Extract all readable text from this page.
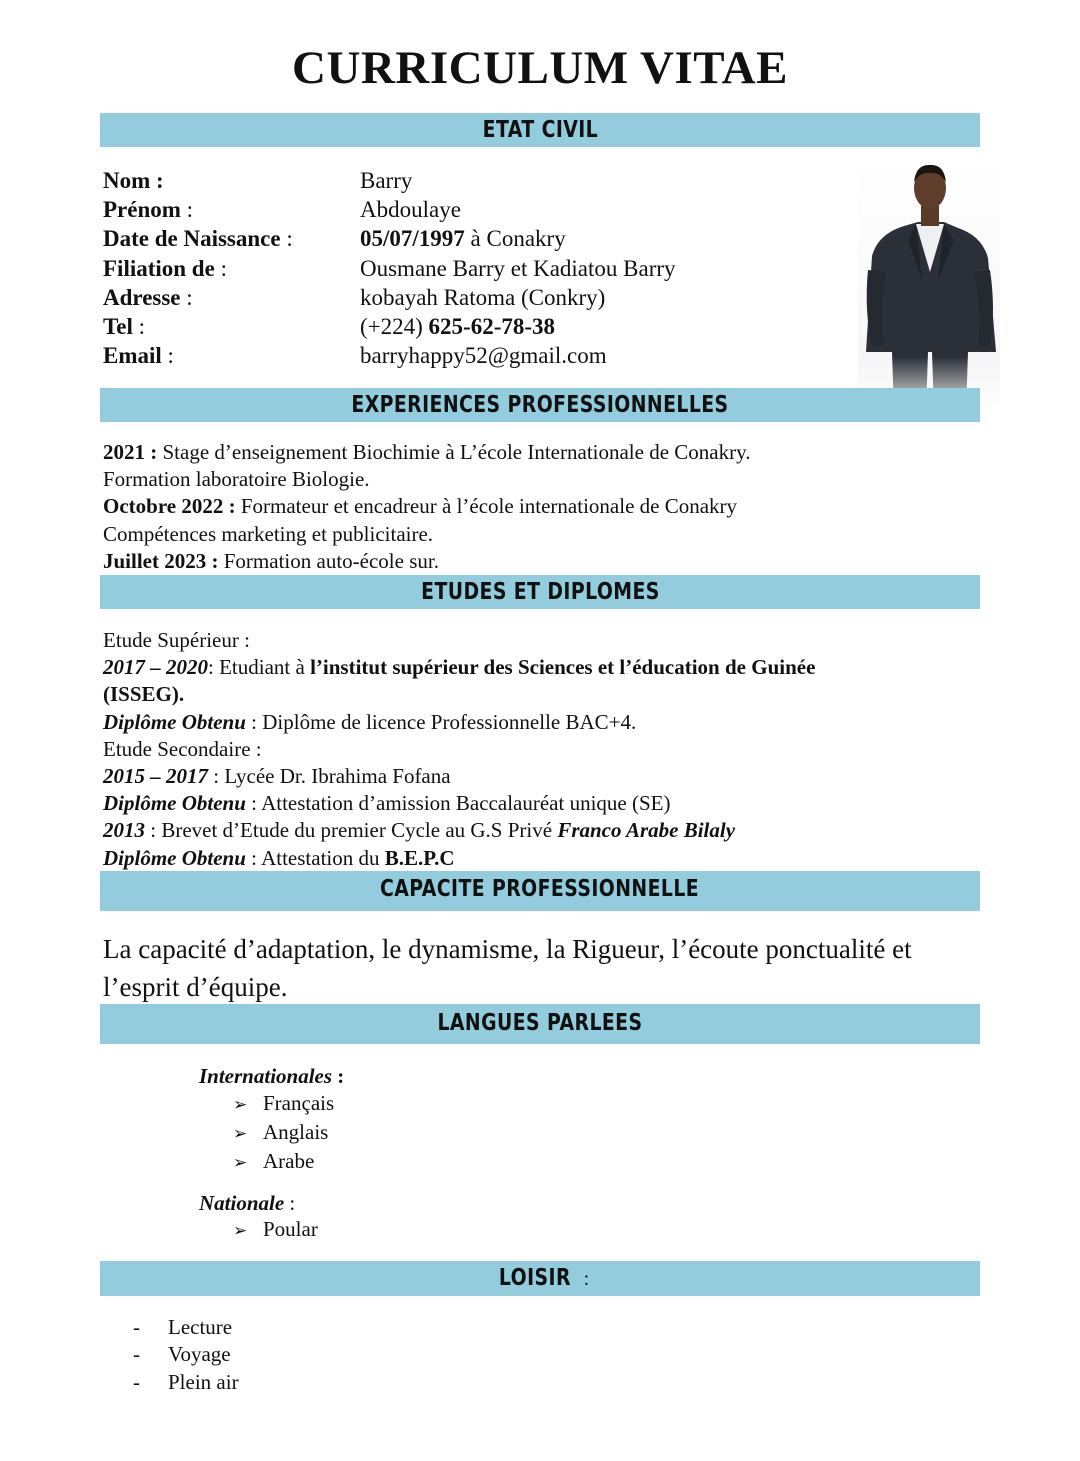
CURRICULUM VITAE
ETAT CIVIL
Nom :	Barry
Prénom :	Abdoulaye
Date de Naissance :	05/07/1997 à Conakry
Filiation de :	Ousmane Barry et Kadiatou Barry
Adresse :	kobayah Ratoma (Conkry)
Tel :	(+224) 625-62-78-38
Email :	barryhappy52@gmail.com
EXPERIENCES PROFESSIONNELLES
2021 : Stage d’enseignement Biochimie à L’école Internationale de Conakry.
Formation laboratoire Biologie.
Octobre 2022 : Formateur et encadreur à l’école internationale de Conakry
Compétences marketing et publicitaire.
Juillet 2023 : Formation auto-école sur.
ETUDES ET DIPLOMES
Etude Supérieur :
2017 – 2020: Etudiant à l’institut supérieur des Sciences et l’éducation de Guinée
(ISSEG).
Diplôme Obtenu : Diplôme de licence Professionnelle BAC+4.
Etude Secondaire :
2015 – 2017 : Lycée Dr. Ibrahima Fofana
Diplôme Obtenu : Attestation d’amission Baccalauréat unique (SE)
2013 : Brevet d’Etude du premier Cycle au G.S Privé Franco Arabe Bilaly
Diplôme Obtenu : Attestation du B.E.P.C
CAPACITE PROFESSIONNELLE
La capacité d’adaptation, le dynamisme, la Rigueur, l’écoute ponctualité et l’esprit d’équipe.
LANGUES PARLEES
Internationales :
➢ Français
➢ Anglais
➢ Arabe
Nationale :
➢ Poular
LOISIR :
- Lecture
- Voyage
- Plein air
